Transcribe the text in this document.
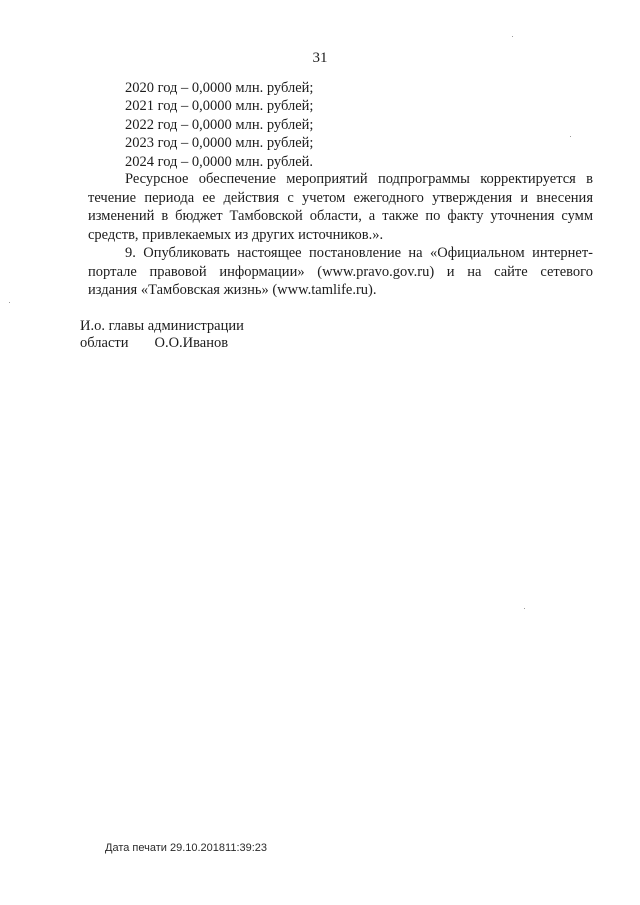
31
2020 год – 0,0000 млн. рублей;
2021 год – 0,0000 млн. рублей;
2022 год – 0,0000 млн. рублей;
2023 год – 0,0000 млн. рублей;
2024 год – 0,0000 млн. рублей.
Ресурсное обеспечение мероприятий подпрограммы корректируется в
течение периода ее действия с учетом ежегодного утверждения и внесения
изменений в бюджет Тамбовской области, а также по факту уточнения сумм
средств, привлекаемых из других источников.».
9. Опубликовать настоящее постановление на «Официальном интернет-
портале правовой информации» (www.pravo.gov.ru) и на сайте сетевого
издания «Тамбовская жизнь» (www.tamlife.ru).
И.о. главы администрации
области О.О.Иванов
Дата печати 29.10.201811:39:23
